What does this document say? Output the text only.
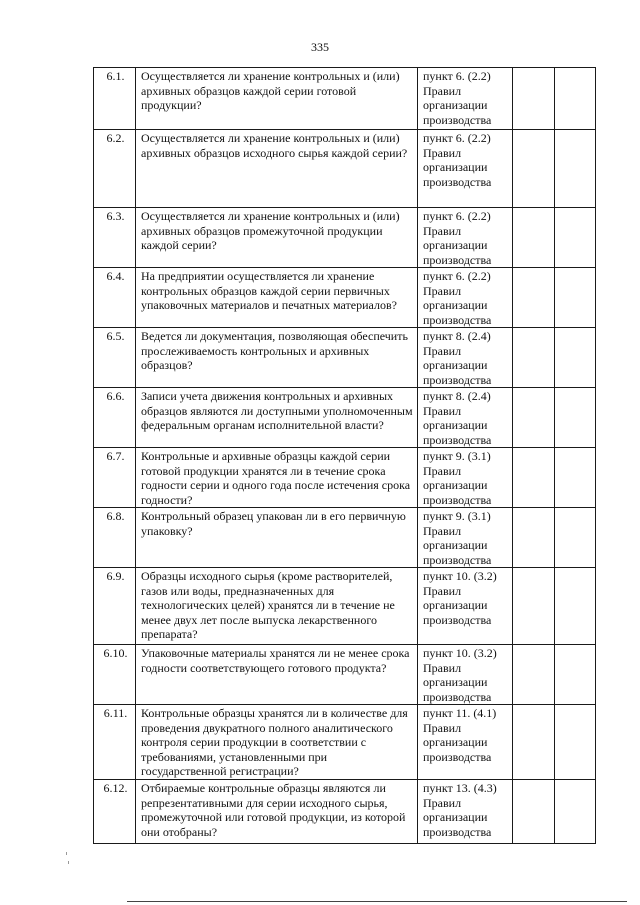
335
6.1.	Осуществляется ли хранение контрольных и (или) архивных образцов каждой серии готовой продукции?	пункт 6. (2.2) Правил организации производства		
6.2.	Осуществляется ли хранение контрольных и (или) архивных образцов исходного сырья каждой серии?	пункт 6. (2.2) Правил организации производства		
6.3.	Осуществляется ли хранение контрольных и (или) архивных образцов промежуточной продукции каждой серии?	пункт 6. (2.2) Правил организации производства		
6.4.	На предприятии осуществляется ли хранение контрольных образцов каждой серии первичных упаковочных материалов и печатных материалов?	пункт 6. (2.2) Правил организации производства		
6.5.	Ведется ли документация, позволяющая обеспечить прослеживаемость контрольных и архивных образцов?	пункт 8. (2.4) Правил организации производства		
6.6.	Записи учета движения контрольных и архивных образцов являются ли доступными уполномоченным федеральным органам исполнительной власти?	пункт 8. (2.4) Правил организации производства		
6.7.	Контрольные и архивные образцы каждой серии готовой продукции хранятся ли в течение срока годности серии и одного года после истечения срока годности?	пункт 9. (3.1) Правил организации производства		
6.8.	Контрольный образец упакован ли в его первичную упаковку?	пункт 9. (3.1) Правил организации производства		
6.9.	Образцы исходного сырья (кроме растворителей, газов или воды, предназначенных для технологических целей) хранятся ли в течение не менее двух лет после выпуска лекарственного препарата?	пункт 10. (3.2) Правил организации производства		
6.10.	Упаковочные материалы хранятся ли не менее срока годности соответствующего готового продукта?	пункт 10. (3.2) Правил организации производства		
6.11.	Контрольные образцы хранятся ли в количестве для проведения двукратного полного аналитического контроля серии продукции в соответствии с требованиями, установленными при государственной регистрации?	пункт 11. (4.1) Правил организации производства		
6.12.	Отбираемые контрольные образцы являются ли репрезентативными для серии исходного сырья, промежуточной или готовой продукции, из которой они отобраны?	пункт 13. (4.3) Правил организации производства		
